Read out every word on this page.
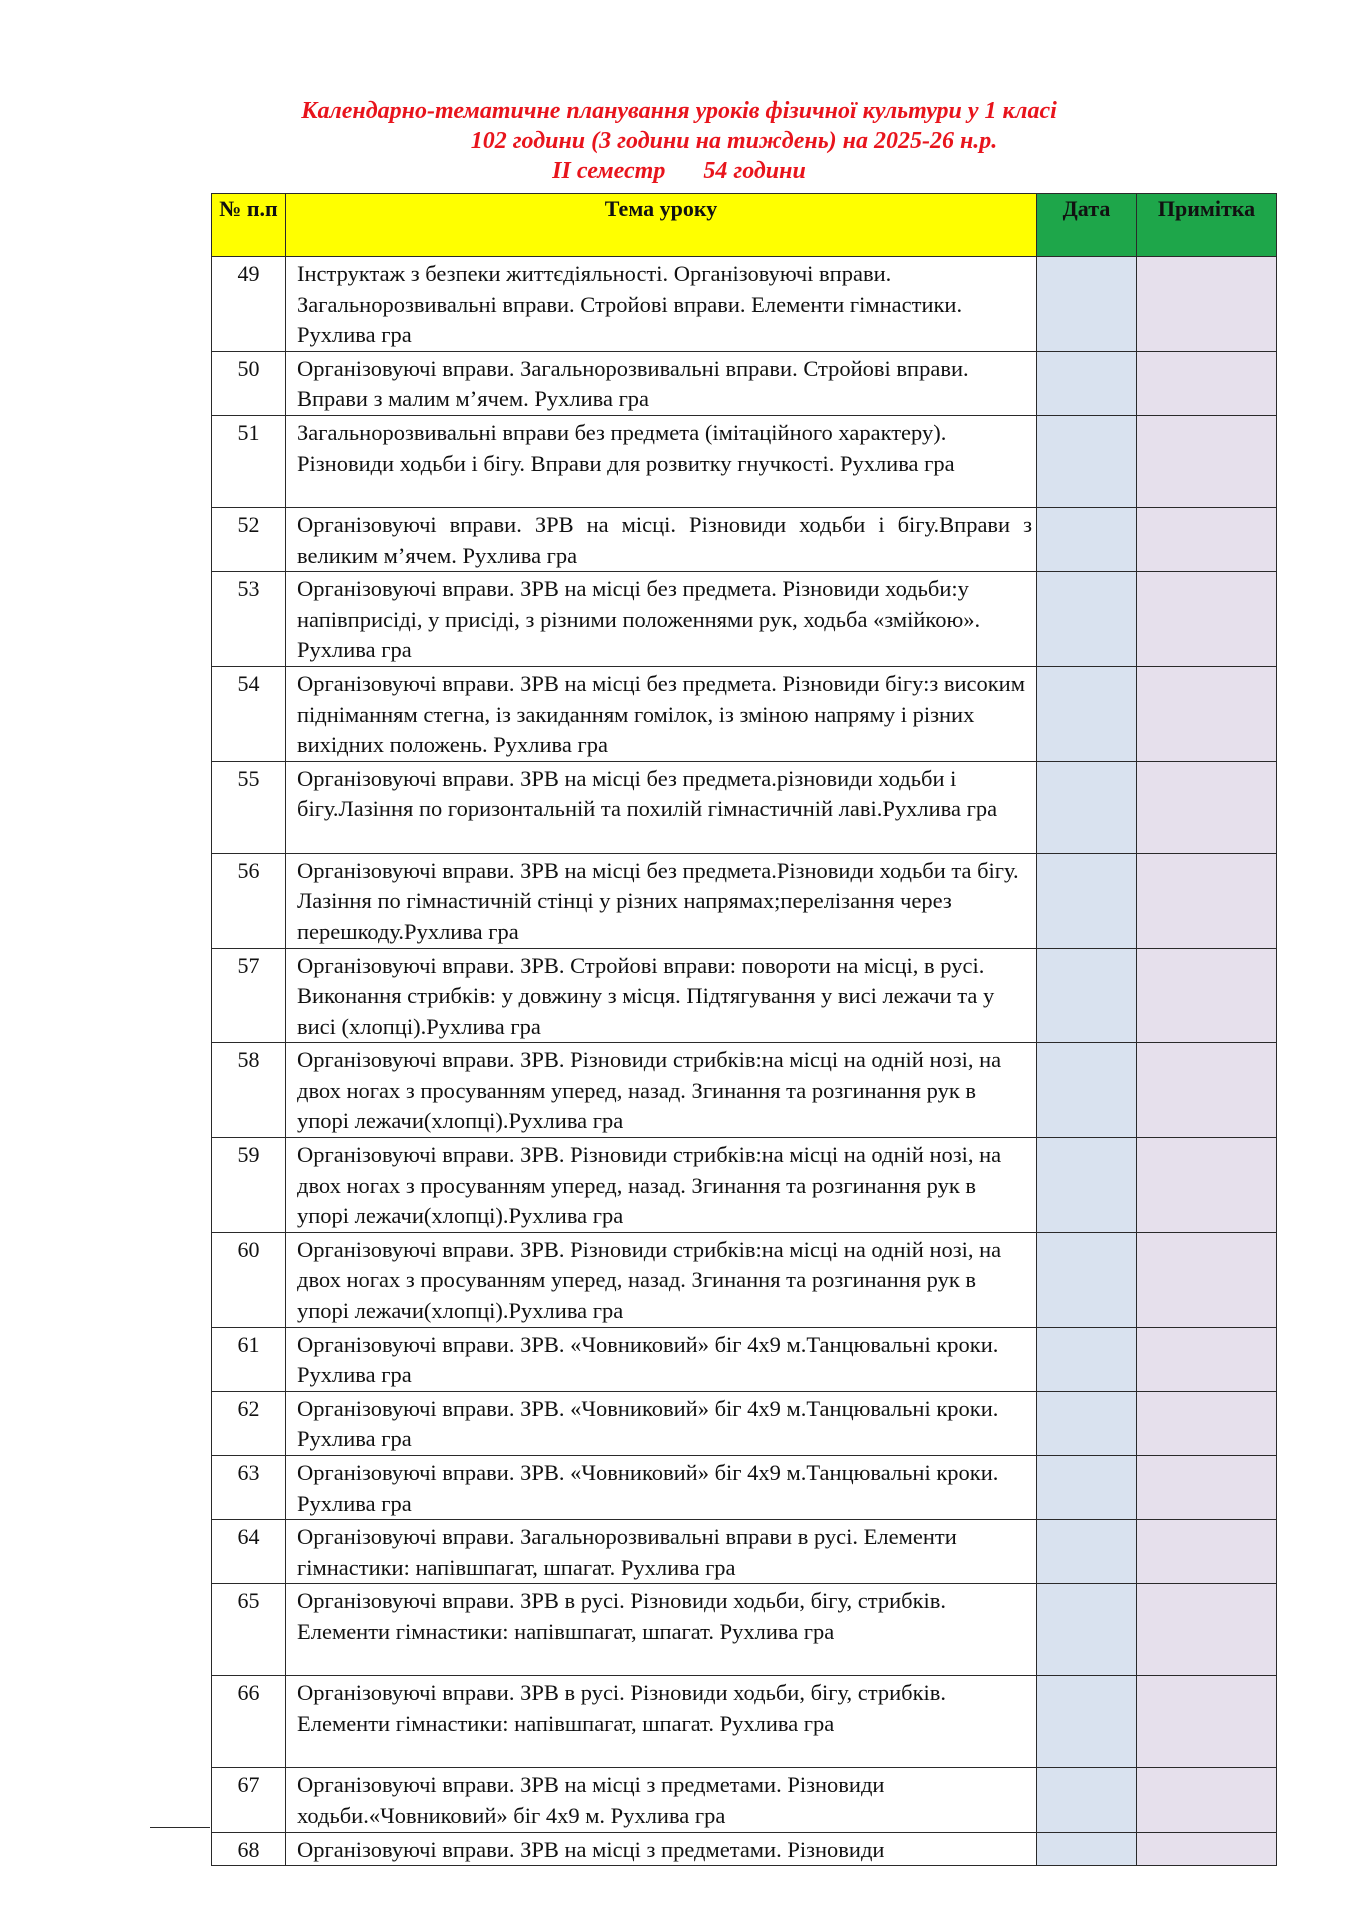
Календарно-тематичне планування уроків фізичної культури у 1 класі
102 години (3 години на тиждень) на 2025-26 н.р.
II семестр 54 години
№ п.п	Тема уроку	Дата	Примітка
49	Інструктаж з безпеки життєдіяльності. Організовуючі вправи. Загальнорозвивальні вправи. Стройові вправи. Елементи гімнастики. Рухлива гра		
50	Організовуючі вправи. Загальнорозвивальні вправи. Стройові вправи. Вправи з малим м’ячем. Рухлива гра		
51	Загальнорозвивальні вправи без предмета (імітаційного характеру). Різновиди ходьби і бігу. Вправи для розвитку гнучкості. Рухлива гра		
52	Організовуючі вправи. ЗРВ на місці. Різновиди ходьби і бігу.Вправи з великим м’ячем. Рухлива гра		
53	Організовуючі вправи. ЗРВ на місці без предмета. Різновиди ходьби:у напівприсіді, у присіді, з різними положеннями рук, ходьба «змійкою». Рухлива гра		
54	Організовуючі вправи. ЗРВ на місці без предмета. Різновиди бігу:з високим підніманням стегна, із закиданням гомілок, із зміною напряму і різних вихідних положень. Рухлива гра		
55	Організовуючі вправи. ЗРВ на місці без предмета.різновиди ходьби і бігу.Лазіння по горизонтальній та похилій гімнастичній лаві.Рухлива гра		
56	Організовуючі вправи. ЗРВ на місці без предмета.Різновиди ходьби та бігу. Лазіння по гімнастичній стінці у різних напрямах;перелізання через перешкоду.Рухлива гра		
57	Організовуючі вправи. ЗРВ. Стройові вправи: повороти на місці, в русі. Виконання стрибків: у довжину з місця. Підтягування у висі лежачи та у висі (хлопці).Рухлива гра		
58	Організовуючі вправи. ЗРВ. Різновиди стрибків:на місці на одній нозі, на двох ногах з просуванням уперед, назад. Згинання та розгинання рук в упорі лежачи(хлопці).Рухлива гра		
59	Організовуючі вправи. ЗРВ. Різновиди стрибків:на місці на одній нозі, на двох ногах з просуванням уперед, назад. Згинання та розгинання рук в упорі лежачи(хлопці).Рухлива гра		
60	Організовуючі вправи. ЗРВ. Різновиди стрибків:на місці на одній нозі, на двох ногах з просуванням уперед, назад. Згинання та розгинання рук в упорі лежачи(хлопці).Рухлива гра		
61	Організовуючі вправи. ЗРВ. «Човниковий» біг 4х9 м.Танцювальні кроки. Рухлива гра		
62	Організовуючі вправи. ЗРВ. «Човниковий» біг 4х9 м.Танцювальні кроки. Рухлива гра		
63	Організовуючі вправи. ЗРВ. «Човниковий» біг 4х9 м.Танцювальні кроки. Рухлива гра		
64	Організовуючі вправи. Загальнорозвивальні вправи в русі. Елементи гімнастики: напівшпагат, шпагат. Рухлива гра		
65	Організовуючі вправи. ЗРВ в русі. Різновиди ходьби, бігу, стрибків. Елементи гімнастики: напівшпагат, шпагат. Рухлива гра		
66	Організовуючі вправи. ЗРВ в русі. Різновиди ходьби, бігу, стрибків. Елементи гімнастики: напівшпагат, шпагат. Рухлива гра		
67	Організовуючі вправи. ЗРВ на місці з предметами. Різновиди ходьби.«Човниковий» біг 4х9 м. Рухлива гра		
68	Організовуючі вправи. ЗРВ на місці з предметами. Різновиди		
